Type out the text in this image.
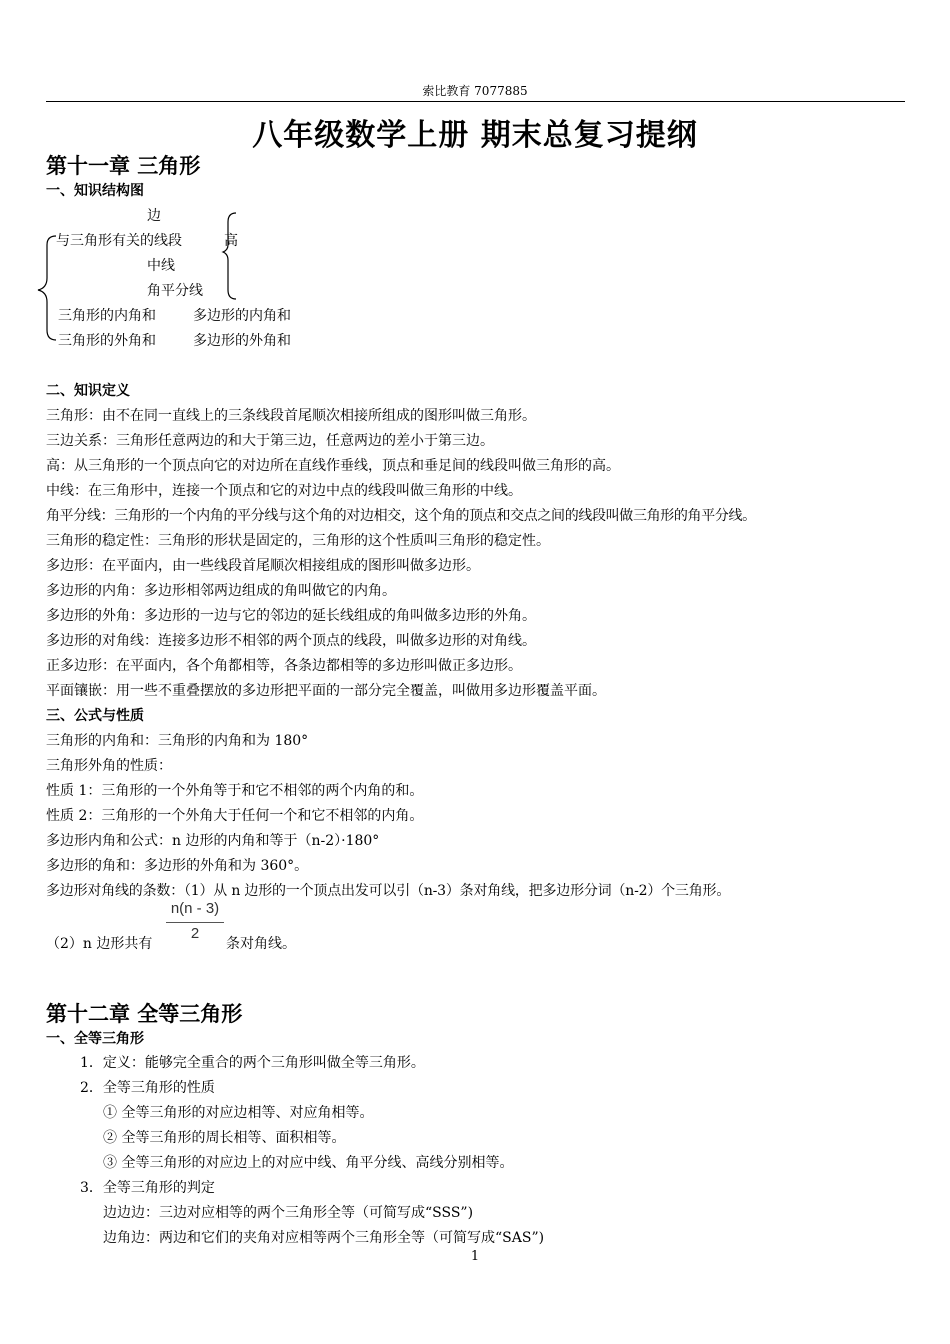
索比教育 7077885
八年级数学上册 期末总复习提纲
第十一章 三角形
一、知识结构图
边
与三角形有关的线段	高
中线
角平分线
三角形的内角和	多边形的内角和
三角形的外角和	多边形的外角和
二、知识定义
三角形：由不在同一直线上的三条线段首尾顺次相接所组成的图形叫做三角形。
三边关系：三角形任意两边的和大于第三边，任意两边的差小于第三边。
高：从三角形的一个顶点向它的对边所在直线作垂线，顶点和垂足间的线段叫做三角形的高。
中线：在三角形中，连接一个顶点和它的对边中点的线段叫做三角形的中线。
角平分线：三角形的一个内角的平分线与这个角的对边相交，这个角的顶点和交点之间的线段叫做三角形的角平分线。
三角形的稳定性：三角形的形状是固定的，三角形的这个性质叫三角形的稳定性。
多边形：在平面内，由一些线段首尾顺次相接组成的图形叫做多边形。
多边形的内角：多边形相邻两边组成的角叫做它的内角。
多边形的外角：多边形的一边与它的邻边的延长线组成的角叫做多边形的外角。
多边形的对角线：连接多边形不相邻的两个顶点的线段，叫做多边形的对角线。
正多边形：在平面内，各个角都相等，各条边都相等的多边形叫做正多边形。
平面镶嵌：用一些不重叠摆放的多边形把平面的一部分完全覆盖，叫做用多边形覆盖平面。
三、公式与性质
三角形的内角和：三角形的内角和为 180°
三角形外角的性质：
性质 1：三角形的一个外角等于和它不相邻的两个内角的和。
性质 2：三角形的一个外角大于任何一个和它不相邻的内角。
多边形内角和公式：n 边形的内角和等于（n-2）·180°
多边形的角和：多边形的外角和为 360°。
多边形对角线的条数：（1）从 n 边形的一个顶点出发可以引（n-3）条对角线，把多边形分词（n-2）个三角形。
（2）n 边形共有
n(n - 3)
2
条对角线。
第十二章 全等三角形
一、全等三角形
1．定义：能够完全重合的两个三角形叫做全等三角形。
2．全等三角形的性质
① 全等三角形的对应边相等、对应角相等。
② 全等三角形的周长相等、面积相等。
③ 全等三角形的对应边上的对应中线、角平分线、高线分别相等。
3．全等三角形的判定
边边边：三边对应相等的两个三角形全等（可简写成“SSS”)
边角边：两边和它们的夹角对应相等两个三角形全等（可简写成“SAS”)
1
